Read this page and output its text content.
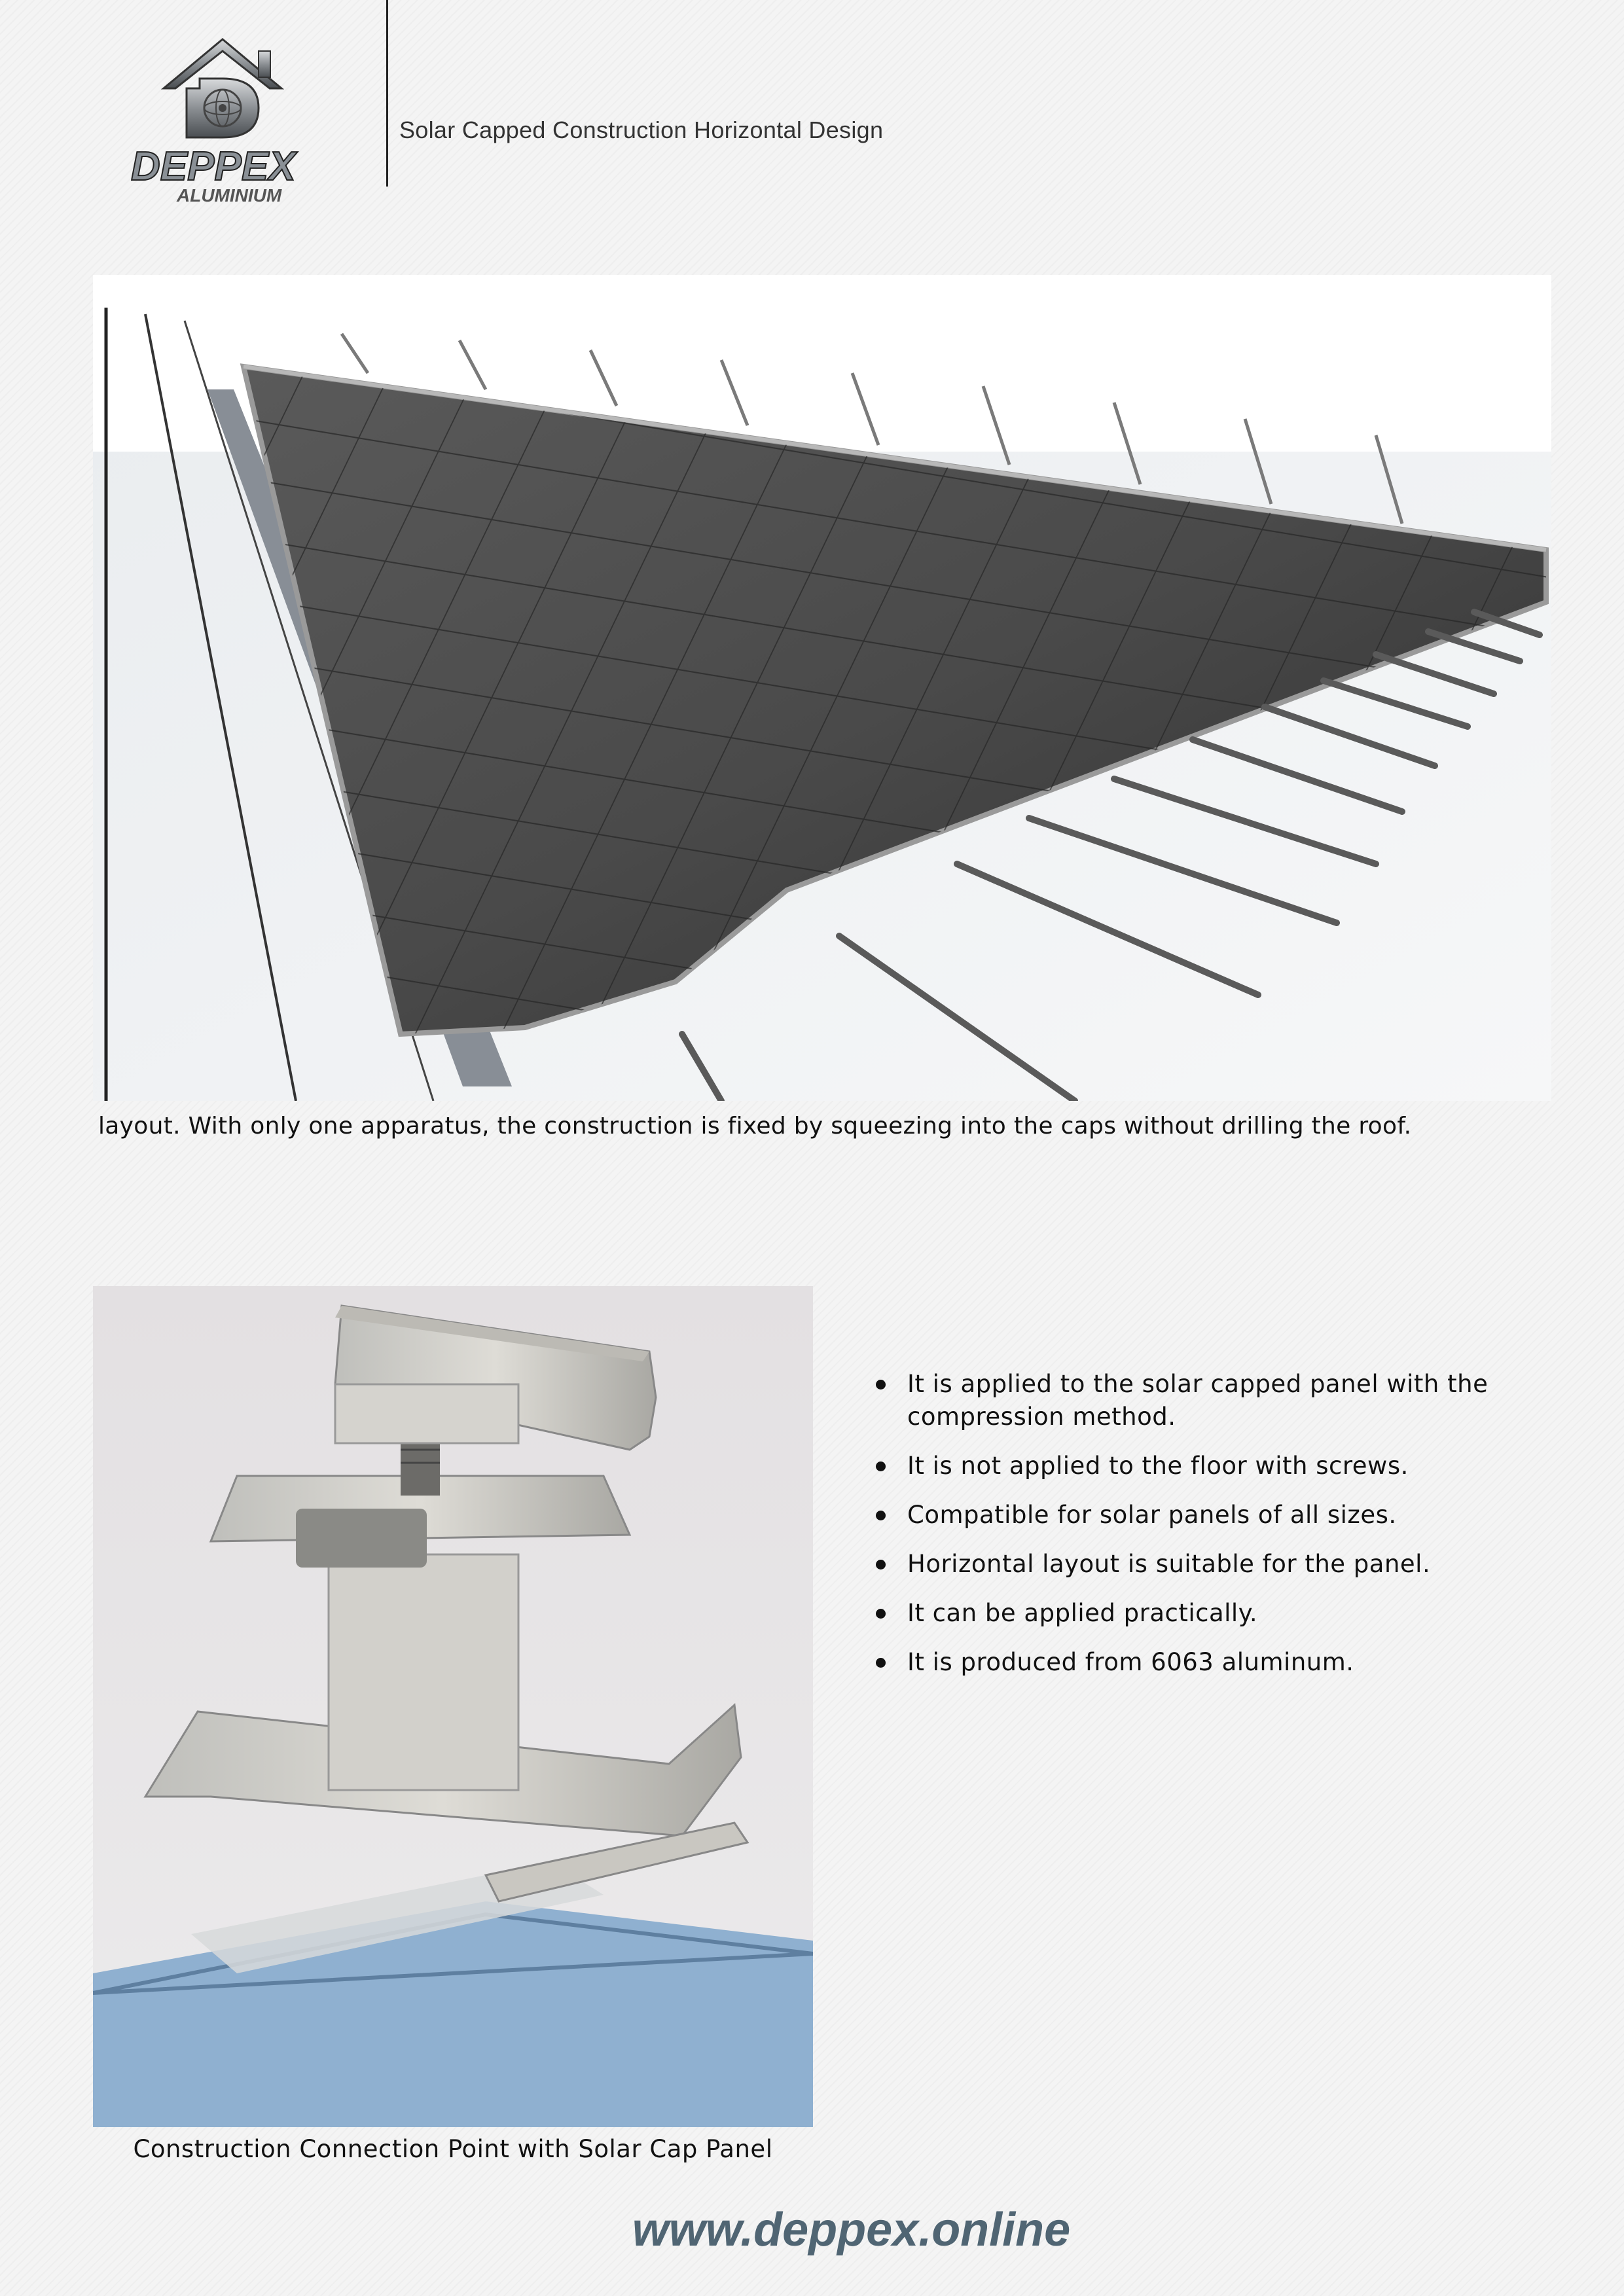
DEPPEX
ALUMINIUM
Solar Capped Construction Horizontal Design
layout. With only one apparatus, the construction is fixed by squeezing into the caps without drilling the roof.
Construction Connection Point with Solar Cap Panel
It is applied to the solar capped panel with the compression method.
It is not applied to the floor with screws.
Compatible for solar panels of all sizes.
Horizontal layout is suitable for the panel.
It can be applied practically.
It is produced from 6063 aluminum.
www.deppex.online
